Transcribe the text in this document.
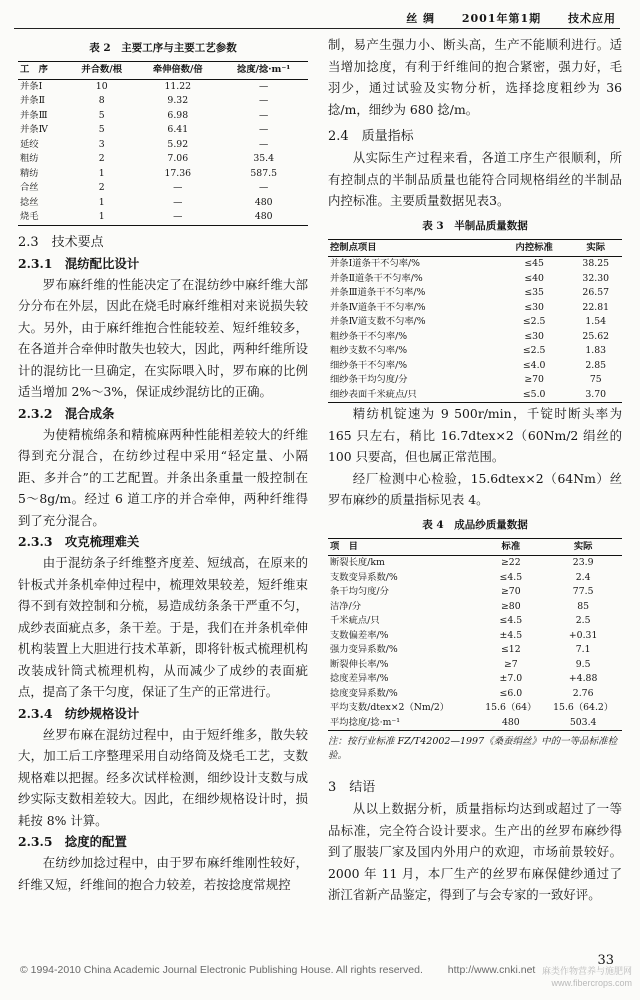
丝 绸 2001年第1期 技术应用
表 2　主要工序与主要工艺参数
工　序	并合数/根	牵伸倍数/倍	捻度/捻·m⁻¹
并条Ⅰ	10	11.22	—
并条Ⅱ	8	9.32	—
并条Ⅲ	5	6.98	—
并条Ⅳ	5	6.41	—
延绞	3	5.92	—
粗纺	2	7.06	35.4
精纺	1	17.36	587.5
合丝	2	—	—
捻丝	1	—	480
烧毛	1	—	480
2.3　技术要点
2.3.1　混纺配比设计

罗布麻纤维的性能决定了在混纺纱中麻纤维大部分分布在外层，因此在烧毛时麻纤维相对来说损失较大。另外，由于麻纤维抱合性能较差、短纤维较多，在各道并合牵伸时散失也较大，因此，两种纤维所设计的混纺比一旦确定，在实际喂入时，罗布麻的比例适当增加 2%～3%，保证成纱混纺比的正确。

2.3.2　混合成条

为使精梳绵条和精梳麻两种性能相差较大的纤维得到充分混合，在纺纱过程中采用“轻定量、小隔距、多并合”的工艺配置。并条出条重量一般控制在 5～8g/m。经过 6 道工序的并合牵伸，两种纤维得到了充分混合。

2.3.3　攻克梳理难关

由于混纺条子纤维整齐度差、短绒高，在原来的针板式并条机牵伸过程中，梳理效果较差，短纤维束得不到有效控制和分梳，易造成纺条条干严重不匀，成纱表面疵点多，条干差。于是，我们在并条机牵伸机构装置上大胆进行技术革新，即将针板式梳理机构改装成针筒式梳理机构，从而减少了成纱的表面疵点，提高了条干匀度，保证了生产的正常进行。

2.3.4　纺纱规格设计

丝罗布麻在混纺过程中，由于短纤维多，散失较大，加工后工序整理采用自动络筒及烧毛工艺，支数规格难以把握。经多次试样检测，细纱设计支数与成纱实际支数相差较大。因此，在细纱规格设计时，损耗按 8% 计算。

2.3.5　捻度的配置

在纺纱加捻过程中，由于罗布麻纤维刚性较好，纤维又短，纤维间的抱合力较差，若按捻度常规控

制，易产生强力小、断头高，生产不能顺利进行。适当增加捻度，有利于纤维间的抱合紧密，强力好，毛羽少，通过试验及实物分析，选择捻度粗纱为 36 捻/m，细纱为 680 捻/m。

2.4　质量指标

从实际生产过程来看，各道工序生产很顺利，所有控制点的半制品质量也能符合同规格绢丝的半制品内控标准。主要质量数据见表3。

表 3　半制品质量数据
控制点项目	内控标准	实际
并条Ⅰ道条干不匀率/%	≤45	38.25
并条Ⅱ道条干不匀率/%	≤40	32.30
并条Ⅲ道条干不匀率/%	≤35	26.57
并条Ⅳ道条干不匀率/%	≤30	22.81
并条Ⅳ道支数不匀率/%	≤2.5	1.54
粗纱条干不匀率/%	≤30	25.62
粗纱支数不匀率/%	≤2.5	1.83
细纱条干不匀率/%	≤4.0	2.85
细纱条干均匀度/分	≥70	75
细纱表面千米疵点/只	≤5.0	3.70

精纺机锭速为 9 500r/min，千锭时断头率为 165 只左右，稍比 16.7dtex×2（60Nm/2 绢丝的 100 只要高，但也属正常范围。

经厂检测中心检验，15.6dtex×2（64Nm）丝罗布麻纱的质量指标见表 4。

表 4　成品纱质量数据
项　目	标准	实际
断裂长度/km	≥22	23.9
支数变异系数/%	≤4.5	2.4
条干均匀度/分	≥70	77.5
洁净/分	≥80	85
千米疵点/只	≤4.5	2.5
支数偏差率/%	±4.5	+0.31
强力变异系数/%	≤12	7.1
断裂伸长率/%	≥7	9.5
捻度差异率/%	±7.0	+4.88
捻度变异系数/%	≤6.0	2.76
平均支数/dtex×2（Nm/2）	15.6（64）	15.6（64.2）
平均捻度/捻·m⁻¹	480	503.4

注：按行业标准 FZ/T42002—1997《桑蚕绢丝》中的一等品标准检验。

3　结语

从以上数据分析，质量指标均达到或超过了一等品标准，完全符合设计要求。生产出的丝罗布麻纱得到了服装厂家及国内外用户的欢迎，市场前景较好。2000 年 11 月，本厂生产的丝罗布麻保健纱通过了浙江省新产品鉴定，得到了与会专家的一致好评。

33
© 1994-2010 China Academic Journal Electronic Publishing House. All rights reserved. http://www.cnki.net 麻类作物营养与施肥网
www.fibercrops.com
